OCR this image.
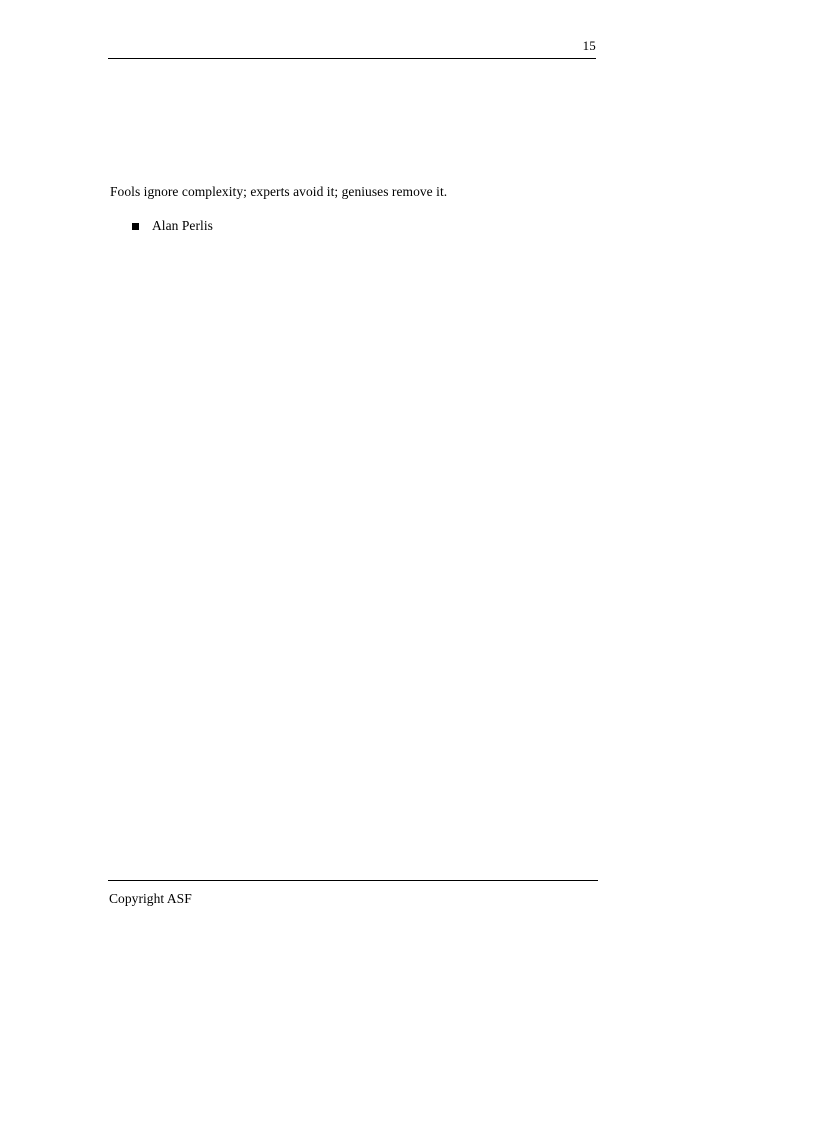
15
Fools ignore complexity; experts avoid it; geniuses remove it.
Alan Perlis
Copyright ASF
